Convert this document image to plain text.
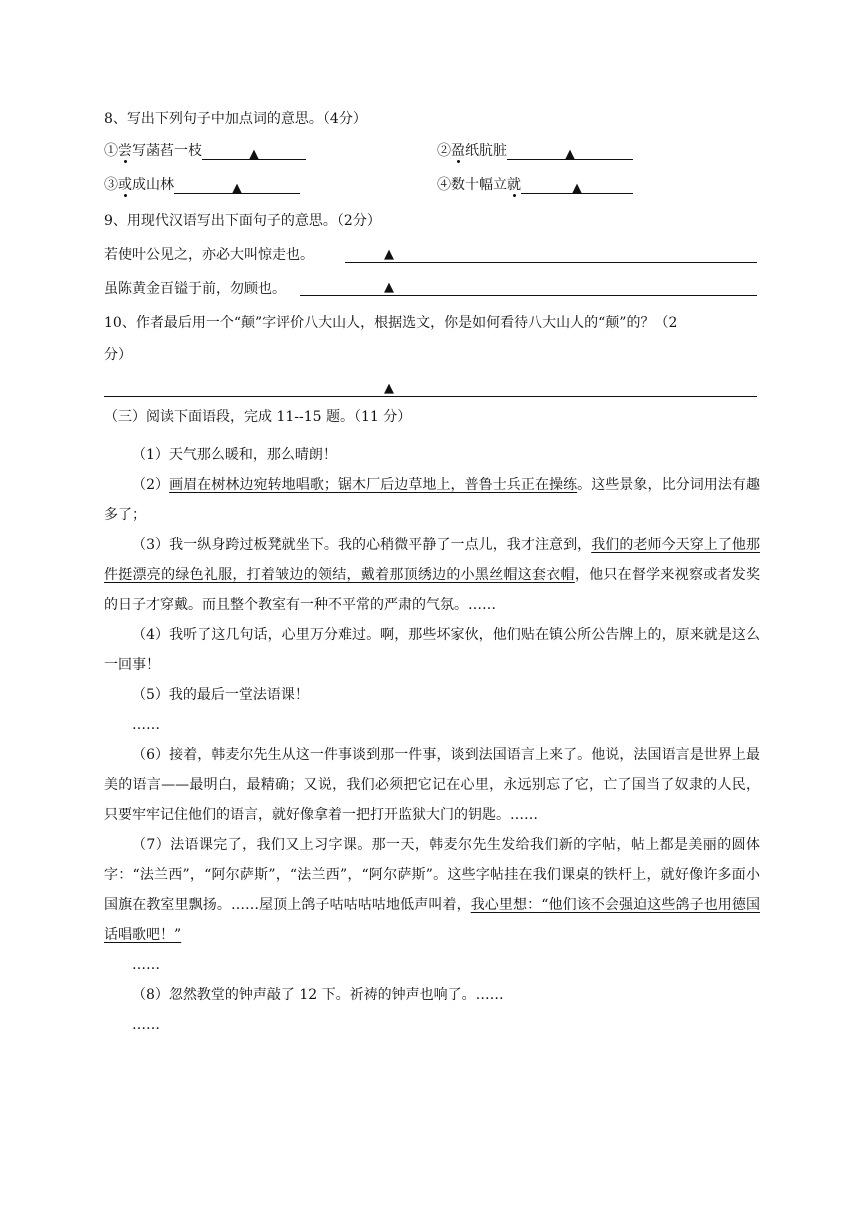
8、写出下列句子中加点词的意思。（4分）
①尝写菡萏一枝	▲	②盈纸肮脏	▲
③或成山林	▲	④数十幅立就	▲
9、用现代汉语写出下面句子的意思。（2分）
若使叶公见之，亦必大叫惊走也。	▲
虽陈黄金百镒于前，勿顾也。	▲
10、作者最后用一个“颠”字评价八大山人，根据选文，你是如何看待八大山人的“颠”的？（2
分）
▲
（三）阅读下面语段，完成 11--15 题。（11 分）

（1）天气那么暖和，那么晴朗！

（2）画眉在树林边宛转地唱歌；锯木厂后边草地上，普鲁士兵正在操练。这些景象，比分词用法有趣多了；

（3）我一纵身跨过板凳就坐下。我的心稍微平静了一点儿，我才注意到，我们的老师今天穿上了他那件挺漂亮的绿色礼服，打着皱边的领结，戴着那顶绣边的小黑丝帽这套衣帽，他只在督学来视察或者发奖的日子才穿戴。而且整个教室有一种不平常的严肃的气氛。……

（4）我听了这几句话，心里万分难过。啊，那些坏家伙，他们贴在镇公所公告牌上的，原来就是这么一回事！

（5）我的最后一堂法语课！

……

（6）接着，韩麦尔先生从这一件事谈到那一件事，谈到法国语言上来了。他说，法国语言是世界上最美的语言——最明白，最精确；又说，我们必须把它记在心里，永远别忘了它，亡了国当了奴隶的人民，只要牢牢记住他们的语言，就好像拿着一把打开监狱大门的钥匙。……

（7）法语课完了，我们又上习字课。那一天，韩麦尔先生发给我们新的字帖，帖上都是美丽的圆体字：“法兰西”，“阿尔萨斯”，“法兰西”，“阿尔萨斯”。这些字帖挂在我们课桌的铁杆上，就好像许多面小国旗在教室里飘扬。……屋顶上鸽子咕咕咕咕地低声叫着，我心里想：“他们该不会强迫这些鸽子也用德国话唱歌吧！”

……

（8）忽然教堂的钟声敲了 12 下。祈祷的钟声也响了。……

……
